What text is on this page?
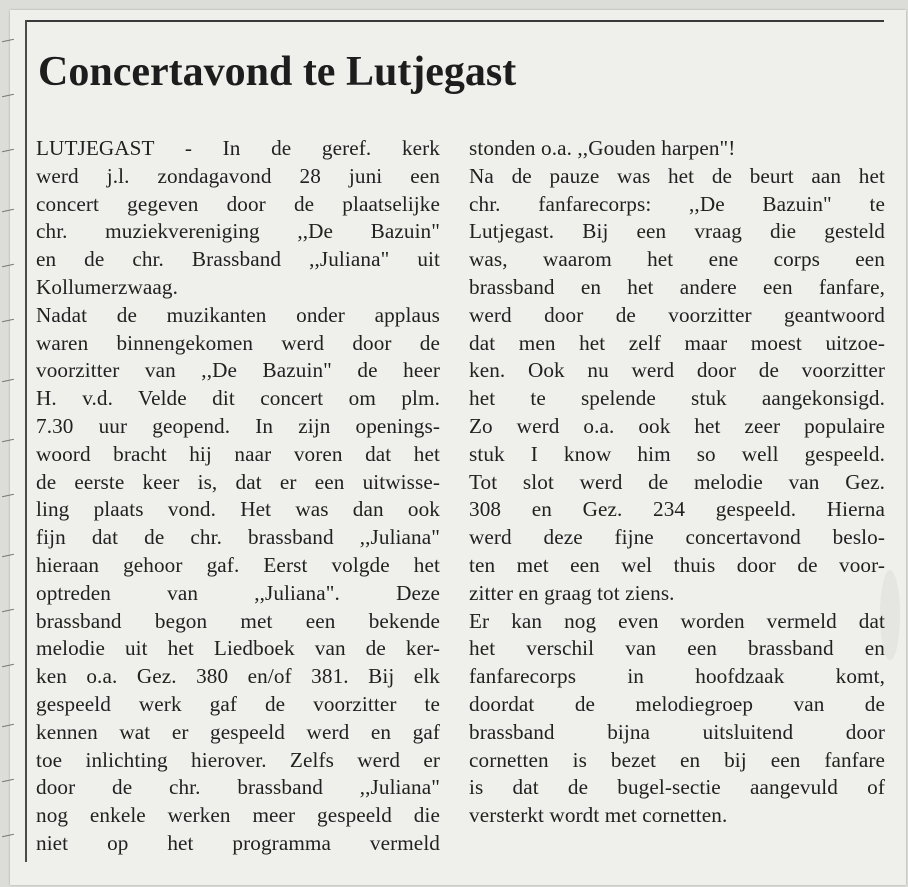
Concertavond te Lutjegast
LUTJEGAST - In de geref. kerk
werd j.l. zondagavond 28 juni een
concert gegeven door de plaatselijke
chr. muziekvereniging ,,De Bazuin"
en de chr. Brassband ,,Juliana" uit
Kollumerzwaag.
Nadat de muzikanten onder applaus
waren binnengekomen werd door de
voorzitter van ,,De Bazuin" de heer
H. v.d. Velde dit concert om plm.
7.30 uur geopend. In zijn openings-
woord bracht hij naar voren dat het
de eerste keer is, dat er een uitwisse-
ling plaats vond. Het was dan ook
fijn dat de chr. brassband ,,Juliana"
hieraan gehoor gaf. Eerst volgde het
optreden van ,,Juliana". Deze
brassband begon met een bekende
melodie uit het Liedboek van de ker-
ken o.a. Gez. 380 en/of 381. Bij elk
gespeeld werk gaf de voorzitter te
kennen wat er gespeeld werd en gaf
toe inlichting hierover. Zelfs werd er
door de chr. brassband ,,Juliana"
nog enkele werken meer gespeeld die
niet op het programma vermeld
stonden o.a. ,,Gouden harpen"!
Na de pauze was het de beurt aan het
chr. fanfarecorps: ,,De Bazuin" te
Lutjegast. Bij een vraag die gesteld
was, waarom het ene corps een
brassband en het andere een fanfare,
werd door de voorzitter geantwoord
dat men het zelf maar moest uitzoe-
ken. Ook nu werd door de voorzitter
het te spelende stuk aangekonsigd.
Zo werd o.a. ook het zeer populaire
stuk I know him so well gespeeld.
Tot slot werd de melodie van Gez.
308 en Gez. 234 gespeeld. Hierna
werd deze fijne concertavond beslo-
ten met een wel thuis door de voor-
zitter en graag tot ziens.
Er kan nog even worden vermeld dat
het verschil van een brassband en
fanfarecorps in hoofdzaak komt,
doordat de melodiegroep van de
brassband bijna uitsluitend door
cornetten is bezet en bij een fanfare
is dat de bugel-sectie aangevuld of
versterkt wordt met cornetten.
